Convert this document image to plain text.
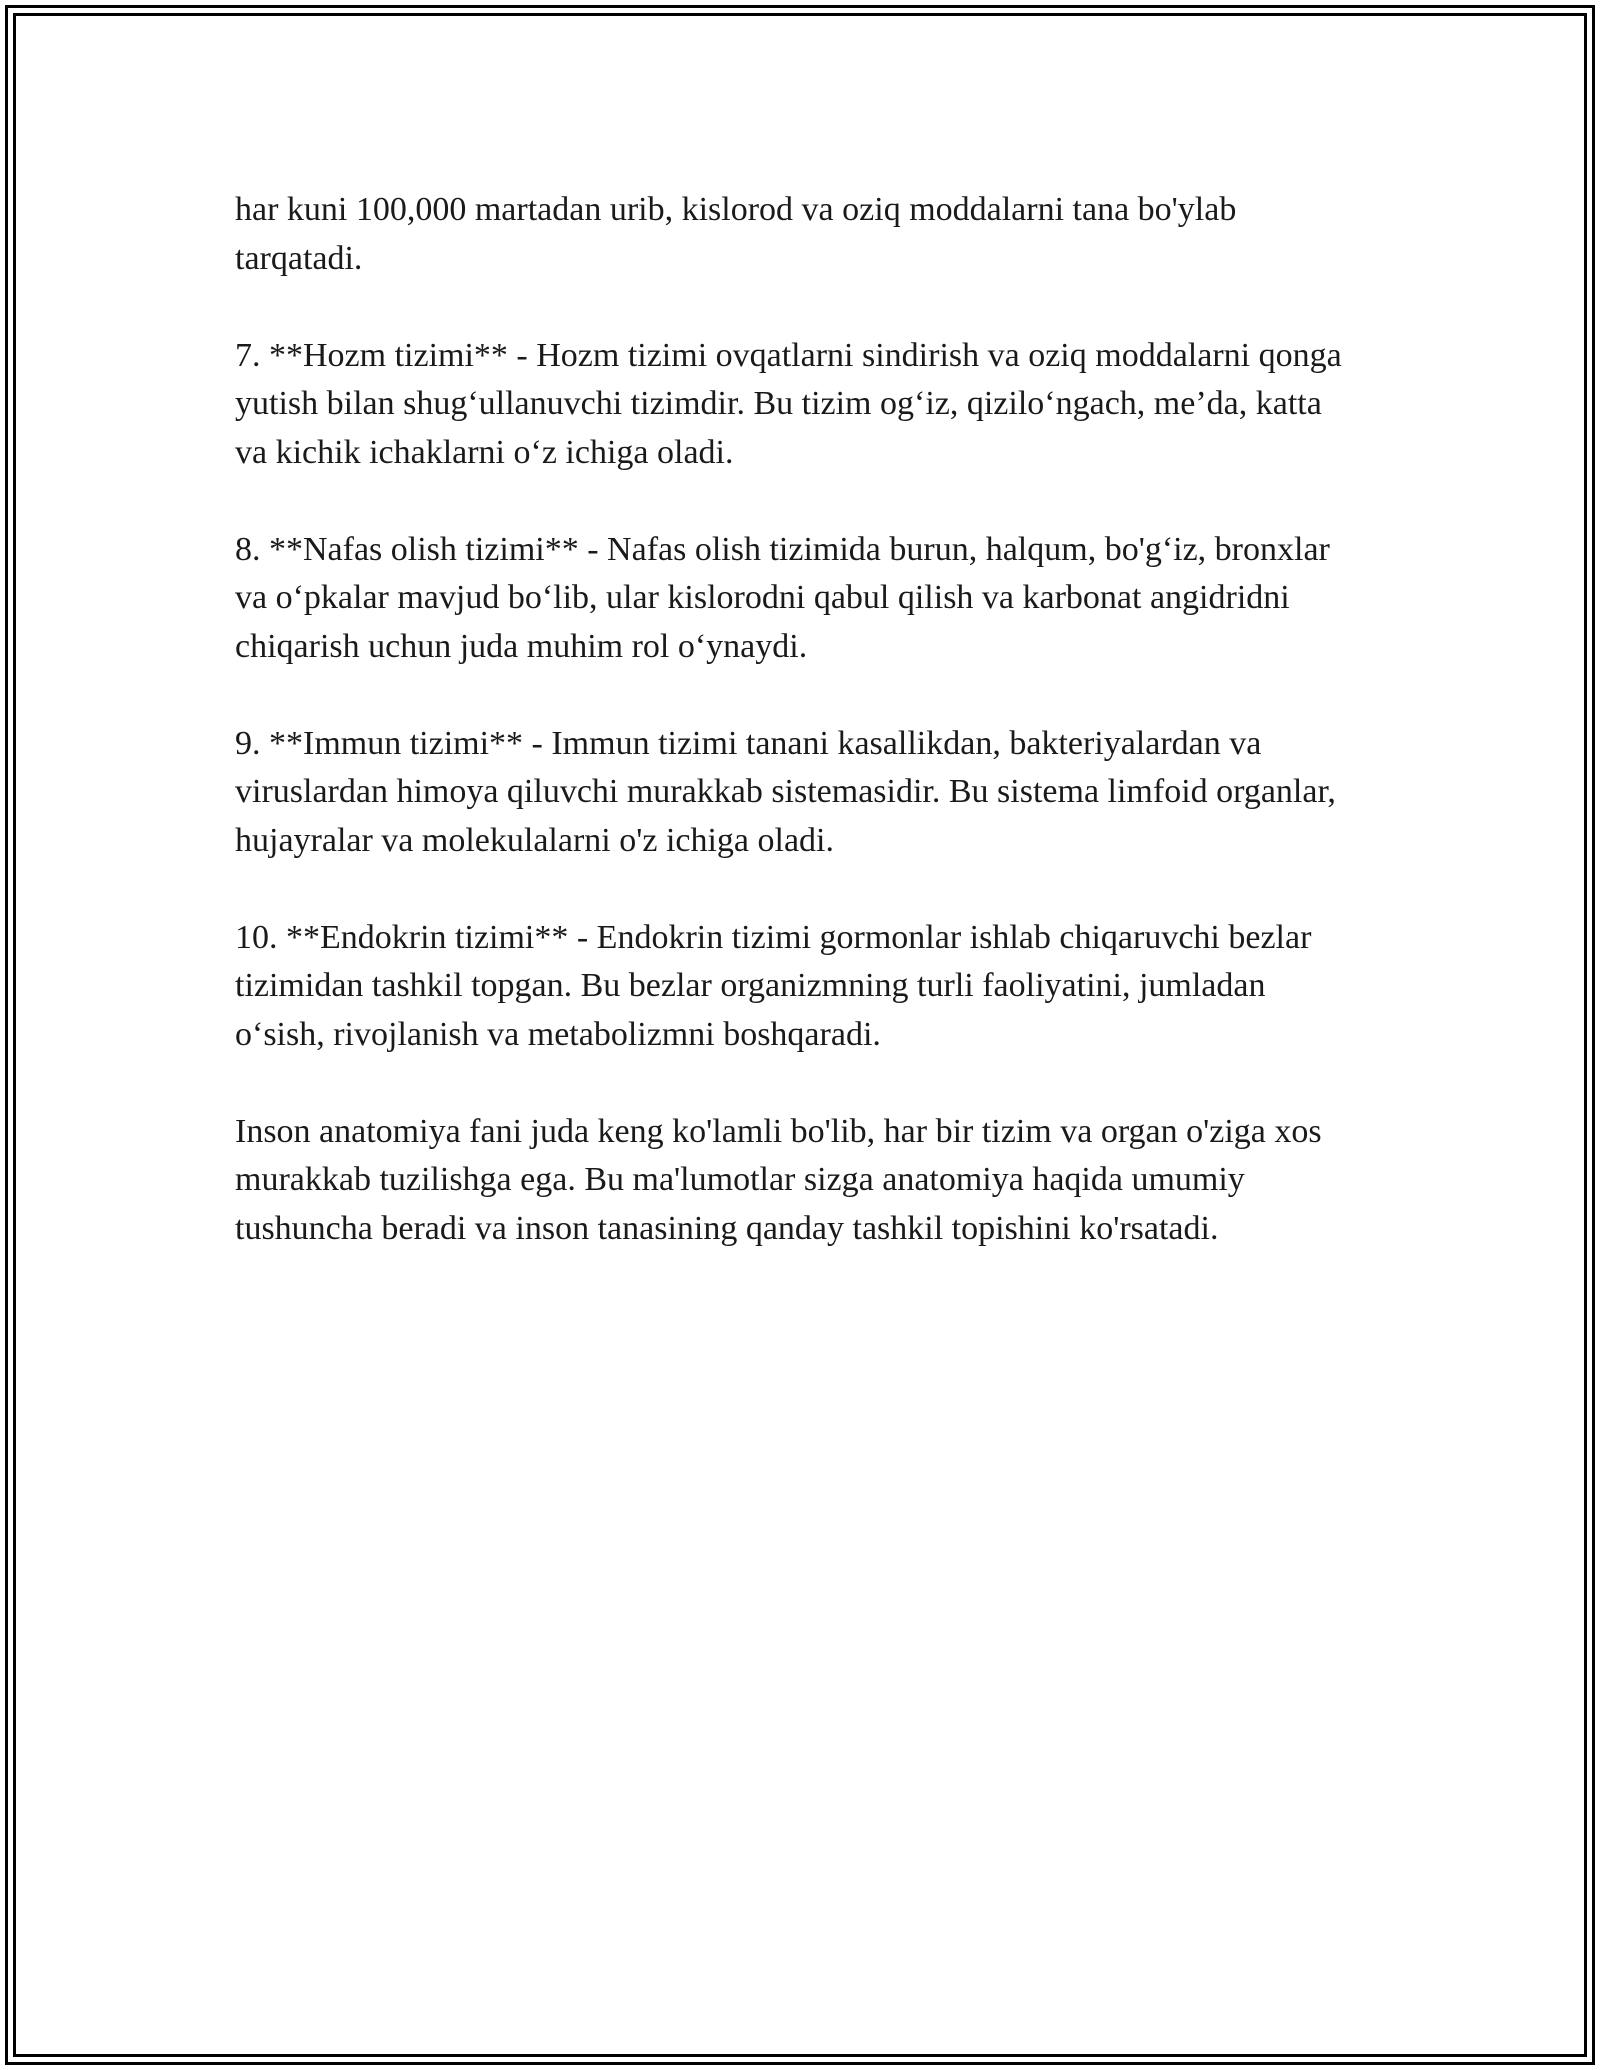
har kuni 100,000 martadan urib, kislorod va oziq moddalarni tana bo'ylab tarqatadi.

7. **Hozm tizimi** - Hozm tizimi ovqatlarni sindirish va oziq moddalarni qonga yutish bilan shug‘ullanuvchi tizimdir. Bu tizim og‘iz, qizilo‘ngach, me’da, katta va kichik ichaklarni o‘z ichiga oladi.

8. **Nafas olish tizimi** - Nafas olish tizimida burun, halqum, bo'g‘iz, bronxlar va o‘pkalar mavjud bo‘lib, ular kislorodni qabul qilish va karbonat angidridni chiqarish uchun juda muhim rol o‘ynaydi.

9. **Immun tizimi** - Immun tizimi tanani kasallikdan, bakteriyalardan va viruslardan himoya qiluvchi murakkab sistemasidir. Bu sistema limfoid organlar, hujayralar va molekulalarni o'z ichiga oladi.

10. **Endokrin tizimi** - Endokrin tizimi gormonlar ishlab chiqaruvchi bezlar tizimidan tashkil topgan. Bu bezlar organizmning turli faoliyatini, jumladan o‘sish, rivojlanish va metabolizmni boshqaradi.

Inson anatomiya fani juda keng ko'lamli bo'lib, har bir tizim va organ o'ziga xos murakkab tuzilishga ega. Bu ma'lumotlar sizga anatomiya haqida umumiy tushuncha beradi va inson tanasining qanday tashkil topishini ko'rsatadi.
